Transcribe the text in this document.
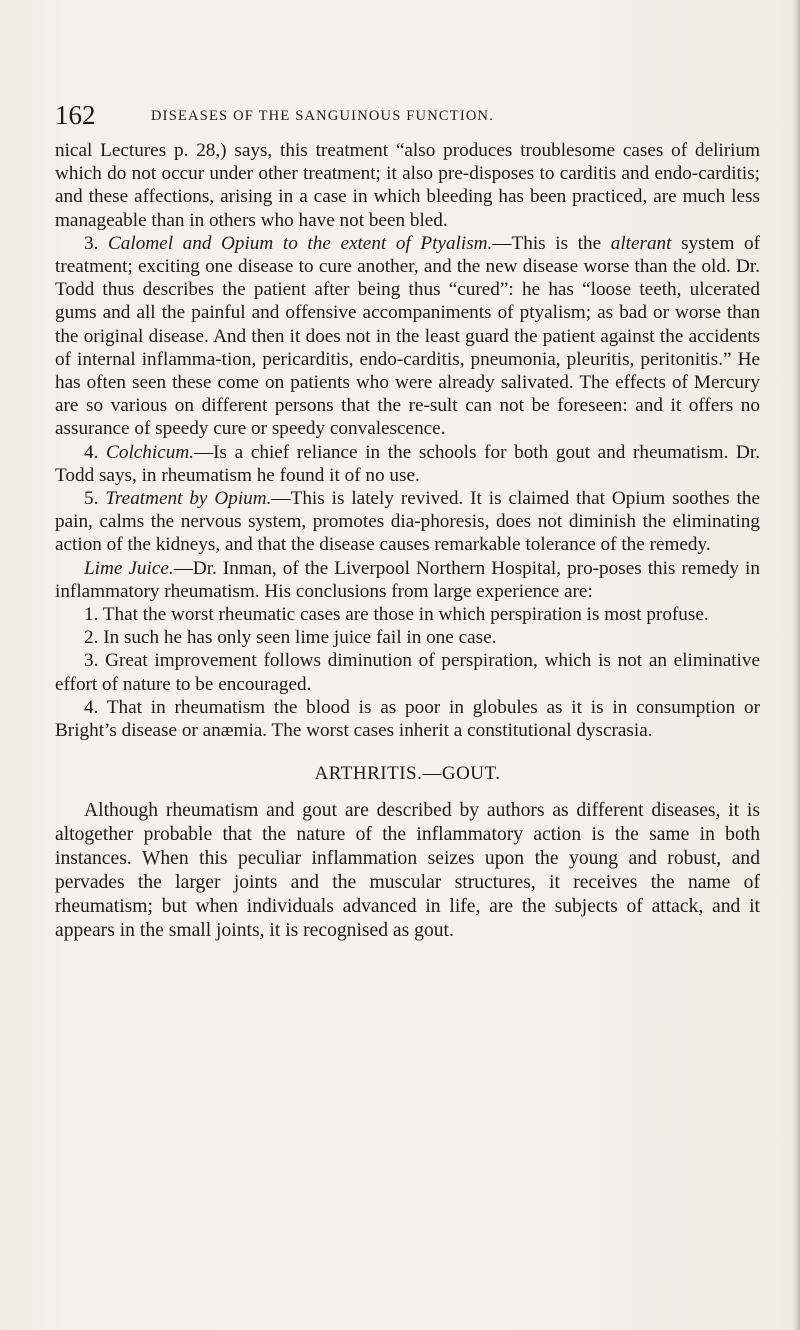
162	DISEASES OF THE SANGUINOUS FUNCTION.

nical Lectures p. 28,) says, this treatment “also produces troublesome cases of delirium which do not occur under other treatment; it also pre-disposes to carditis and endo-carditis; and these affections, arising in a case in which bleeding has been practiced, are much less manageable than in others who have not been bled.

3. Calomel and Opium to the extent of Ptyalism.—This is the alterant system of treatment; exciting one disease to cure another, and the new disease worse than the old. Dr. Todd thus describes the patient after being thus “cured”: he has “loose teeth, ulcerated gums and all the painful and offensive accompaniments of ptyalism; as bad or worse than the original disease. And then it does not in the least guard the patient against the accidents of internal inflamma-tion, pericarditis, endo-carditis, pneumonia, pleuritis, peritonitis.” He has often seen these come on patients who were already salivated. The effects of Mercury are so various on different persons that the re-sult can not be foreseen: and it offers no assurance of speedy cure or speedy convalescence.

4. Colchicum.—Is a chief reliance in the schools for both gout and rheumatism. Dr. Todd says, in rheumatism he found it of no use.

5. Treatment by Opium.—This is lately revived. It is claimed that Opium soothes the pain, calms the nervous system, promotes dia-phoresis, does not diminish the eliminating action of the kidneys, and that the disease causes remarkable tolerance of the remedy.

Lime Juice.—Dr. Inman, of the Liverpool Northern Hospital, pro-poses this remedy in inflammatory rheumatism. His conclusions from large experience are:

1. That the worst rheumatic cases are those in which perspiration is most profuse.

2. In such he has only seen lime juice fail in one case.

3. Great improvement follows diminution of perspiration, which is not an eliminative effort of nature to be encouraged.

4. That in rheumatism the blood is as poor in globules as it is in consumption or Bright’s disease or anæmia. The worst cases inherit a constitutional dyscrasia.

ARTHRITIS.—GOUT.

Although rheumatism and gout are described by authors as different diseases, it is altogether probable that the nature of the inflammatory action is the same in both instances. When this peculiar inflammation seizes upon the young and robust, and pervades the larger joints and the muscular structures, it receives the name of rheumatism; but when individuals advanced in life, are the subjects of attack, and it appears in the small joints, it is recognised as gout.
